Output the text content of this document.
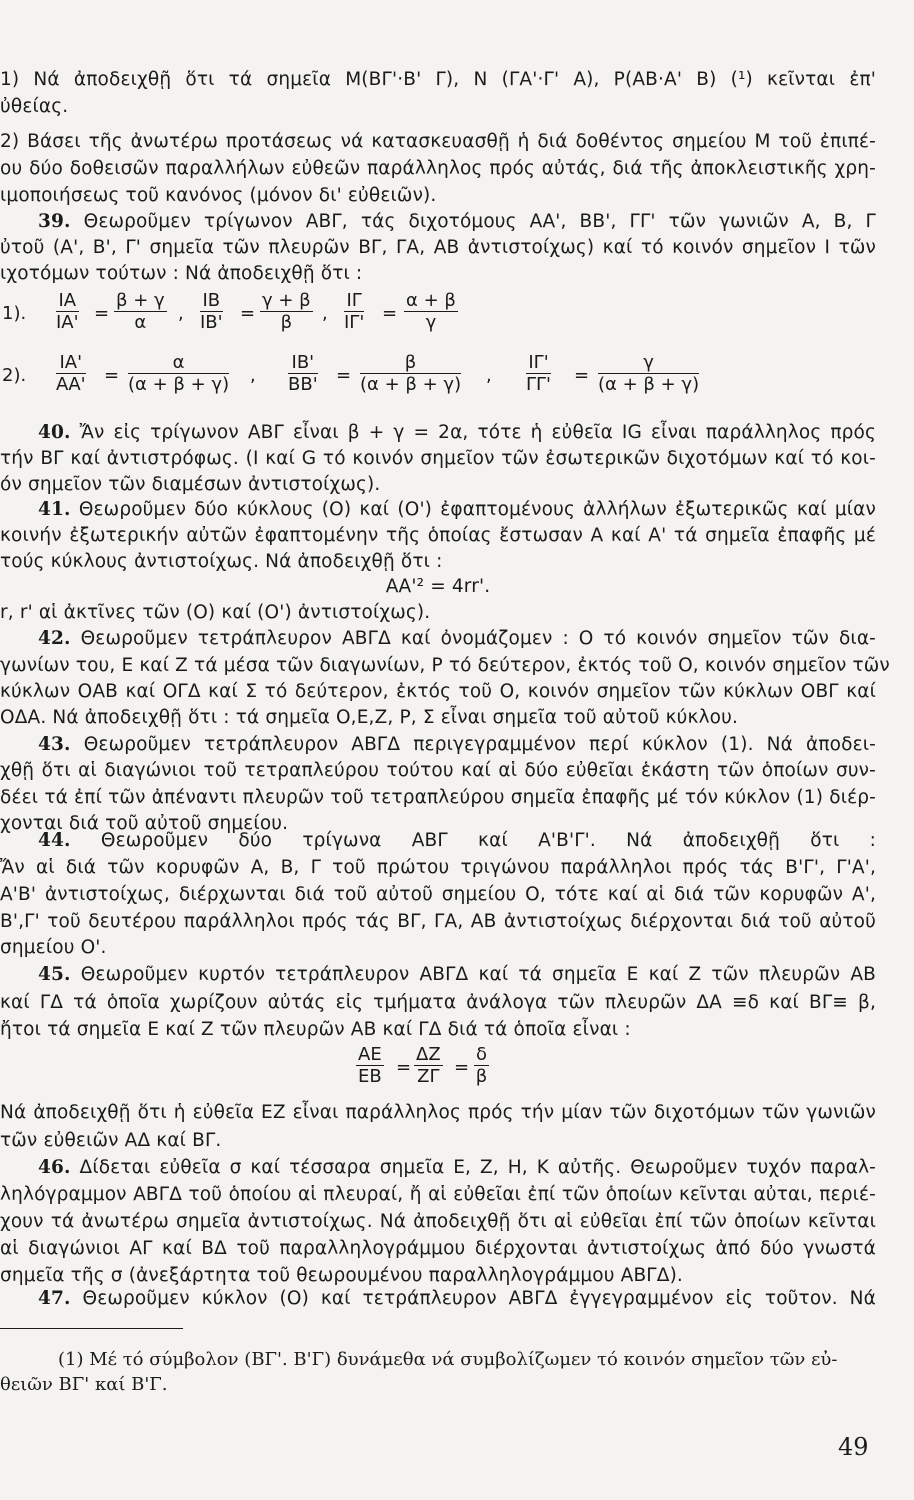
1) Νά ἀποδειχθῇ ὅτι τά σημεῖα Μ(ΒΓ'·Β' Γ), Ν (ΓΑ'·Γ' Α), Ρ(ΑΒ·Α' Β) (¹) κεῖνται ἐπ'
ὐθείας.
2) Βάσει τῆς ἀνωτέρω προτάσεως νά κατασκευασθῇ ἡ διά δοθέντος σημείου Μ τοῦ ἐπιπέ-
ου δύο δοθεισῶν παραλλήλων εὐθεῶν παράλληλος πρός αὐτάς, διά τῆς ἀποκλειστικῆς χρη-
ιμοποιήσεως τοῦ κανόνος (μόνον δι' εὐθειῶν).
39. Θεωροῦμεν τρίγωνον ΑΒΓ, τάς διχοτόμους ΑΑ', ΒΒ', ΓΓ' τῶν γωνιῶν Α, Β, Γ
ὐτοῦ (Α', Β', Γ' σημεῖα τῶν πλευρῶν ΒΓ, ΓΑ, ΑΒ ἀντιστοίχως) καί τό κοινόν σημεῖον Ι τῶν
ιχοτόμων τούτων : Νά ἀποδειχθῇ ὅτι :
1).
ΙΑ
ΙΑ' =
β + γ
α	,
ΙΒ
ΙΒ' =
γ + β
β	,
ΙΓ
ΙΓ' =
α + β
γ
2).
ΙΑ'
ΑΑ' =
α
(α + β + γ) ,
ΙΒ'
ΒΒ' =
β
(α + β + γ) ,
ΙΓ'
ΓΓ' =
γ
(α + β + γ)
40. Ἄν εἰς τρίγωνον ΑΒΓ εἶναι β + γ = 2α, τότε ἡ εὐθεῖα IG εἶναι παράλληλος πρός
τήν ΒΓ καί ἀντιστρόφως. (Ι καί G τό κοινόν σημεῖον τῶν ἐσωτερικῶν διχοτόμων καί τό κοι-
όν σημεῖον τῶν διαμέσων ἀντιστοίχως).
41. Θεωροῦμεν δύο κύκλους (Ο) καί (Ο') ἐφαπτομένους ἀλλήλων ἐξωτερικῶς καί μίαν
κοινήν ἐξωτερικήν αὐτῶν ἐφαπτομένην τῆς ὁποίας ἔστωσαν Α καί Α' τά σημεῖα ἐπαφῆς μέ
τούς κύκλους ἀντιστοίχως. Νά ἀποδειχθῇ ὅτι :
ΑΑ'² = 4rr'.
r, r' αἱ ἀκτῖνες τῶν (Ο) καί (Ο') ἀντιστοίχως).
42. Θεωροῦμεν τετράπλευρον ΑΒΓΔ καί ὀνομάζομεν : Ο τό κοινόν σημεῖον τῶν δια-
γωνίων του, Ε καί Ζ τά μέσα τῶν διαγωνίων, Ρ τό δεύτερον, ἐκτός τοῦ Ο, κοινόν σημεῖον τῶν
κύκλων ΟΑΒ καί ΟΓΔ καί Σ τό δεύτερον, ἐκτός τοῦ Ο, κοινόν σημεῖον τῶν κύκλων ΟΒΓ καί
ΟΔΑ. Νά ἀποδειχθῇ ὅτι : τά σημεῖα Ο,Ε,Ζ, Ρ, Σ εἶναι σημεῖα τοῦ αὐτοῦ κύκλου.
43. Θεωροῦμεν τετράπλευρον ΑΒΓΔ περιγεγραμμένον περί κύκλον (1). Νά ἀποδει-
χθῇ ὅτι αἱ διαγώνιοι τοῦ τετραπλεύρου τούτου καί αἱ δύο εὐθεῖαι ἑκάστη τῶν ὁποίων συν-
δέει τά ἐπί τῶν ἀπέναντι πλευρῶν τοῦ τετραπλεύρου σημεῖα ἐπαφῆς μέ τόν κύκλον (1) διέρ-
χονται διά τοῦ αὐτοῦ σημείου.
44. Θεωροῦμεν δύο τρίγωνα ΑΒΓ καί Α'Β'Γ'. Νά ἀποδειχθῇ ὅτι :
Ἄν αἱ διά τῶν κορυφῶν Α, Β, Γ τοῦ πρώτου τριγώνου παράλληλοι πρός τάς Β'Γ', Γ'Α',
Α'Β' ἀντιστοίχως, διέρχωνται διά τοῦ αὐτοῦ σημείου Ο, τότε καί αἱ διά τῶν κορυφῶν Α',
Β',Γ' τοῦ δευτέρου παράλληλοι πρός τάς ΒΓ, ΓΑ, ΑΒ ἀντιστοίχως διέρχονται διά τοῦ αὐτοῦ
σημείου Ο'.
45. Θεωροῦμεν κυρτόν τετράπλευρον ΑΒΓΔ καί τά σημεῖα Ε καί Ζ τῶν πλευρῶν ΑΒ
καί ΓΔ τά ὁποῖα χωρίζουν αὐτάς εἰς τμήματα ἀνάλογα τῶν πλευρῶν ΔΑ ≡δ καί ΒΓ≡ β,
ἤτοι τά σημεῖα Ε καί Ζ τῶν πλευρῶν ΑΒ καί ΓΔ διά τά ὁποῖα εἶναι :
ΑΕ
ΕΒ =
ΔΖ
ΖΓ =
δ
β
Νά ἀποδειχθῇ ὅτι ἡ εὐθεῖα ΕΖ εἶναι παράλληλος πρός τήν μίαν τῶν διχοτόμων τῶν γωνιῶν
τῶν εὐθειῶν ΑΔ καί ΒΓ.
46. Δίδεται εὐθεῖα σ καί τέσσαρα σημεῖα Ε, Ζ, Η, Κ αὐτῆς. Θεωροῦμεν τυχόν παραλ-
ληλόγραμμον ΑΒΓΔ τοῦ ὁποίου αἱ πλευραί, ἤ αἱ εὐθεῖαι ἐπί τῶν ὁποίων κεῖνται αὐται, περιέ-
χουν τά ἀνωτέρω σημεῖα ἀντιστοίχως. Νά ἀποδειχθῇ ὅτι αἱ εὐθεῖαι ἐπί τῶν ὁποίων κεῖνται
αἱ διαγώνιοι ΑΓ καί ΒΔ τοῦ παραλληλογράμμου διέρχονται ἀντιστοίχως ἀπό δύο γνωστά
σημεῖα τῆς σ (ἀνεξάρτητα τοῦ θεωρουμένου παραλληλογράμμου ΑΒΓΔ).
47. Θεωροῦμεν κύκλον (Ο) καί τετράπλευρον ΑΒΓΔ ἐγγεγραμμένον εἰς τοῦτον. Νά
(1) Μέ τό σύμβολον (ΒΓ'. Β'Γ) δυνάμεθα νά συμβολίζωμεν τό κοινόν σημεῖον τῶν εὐ-
θειῶν ΒΓ' καί Β'Γ.
49
